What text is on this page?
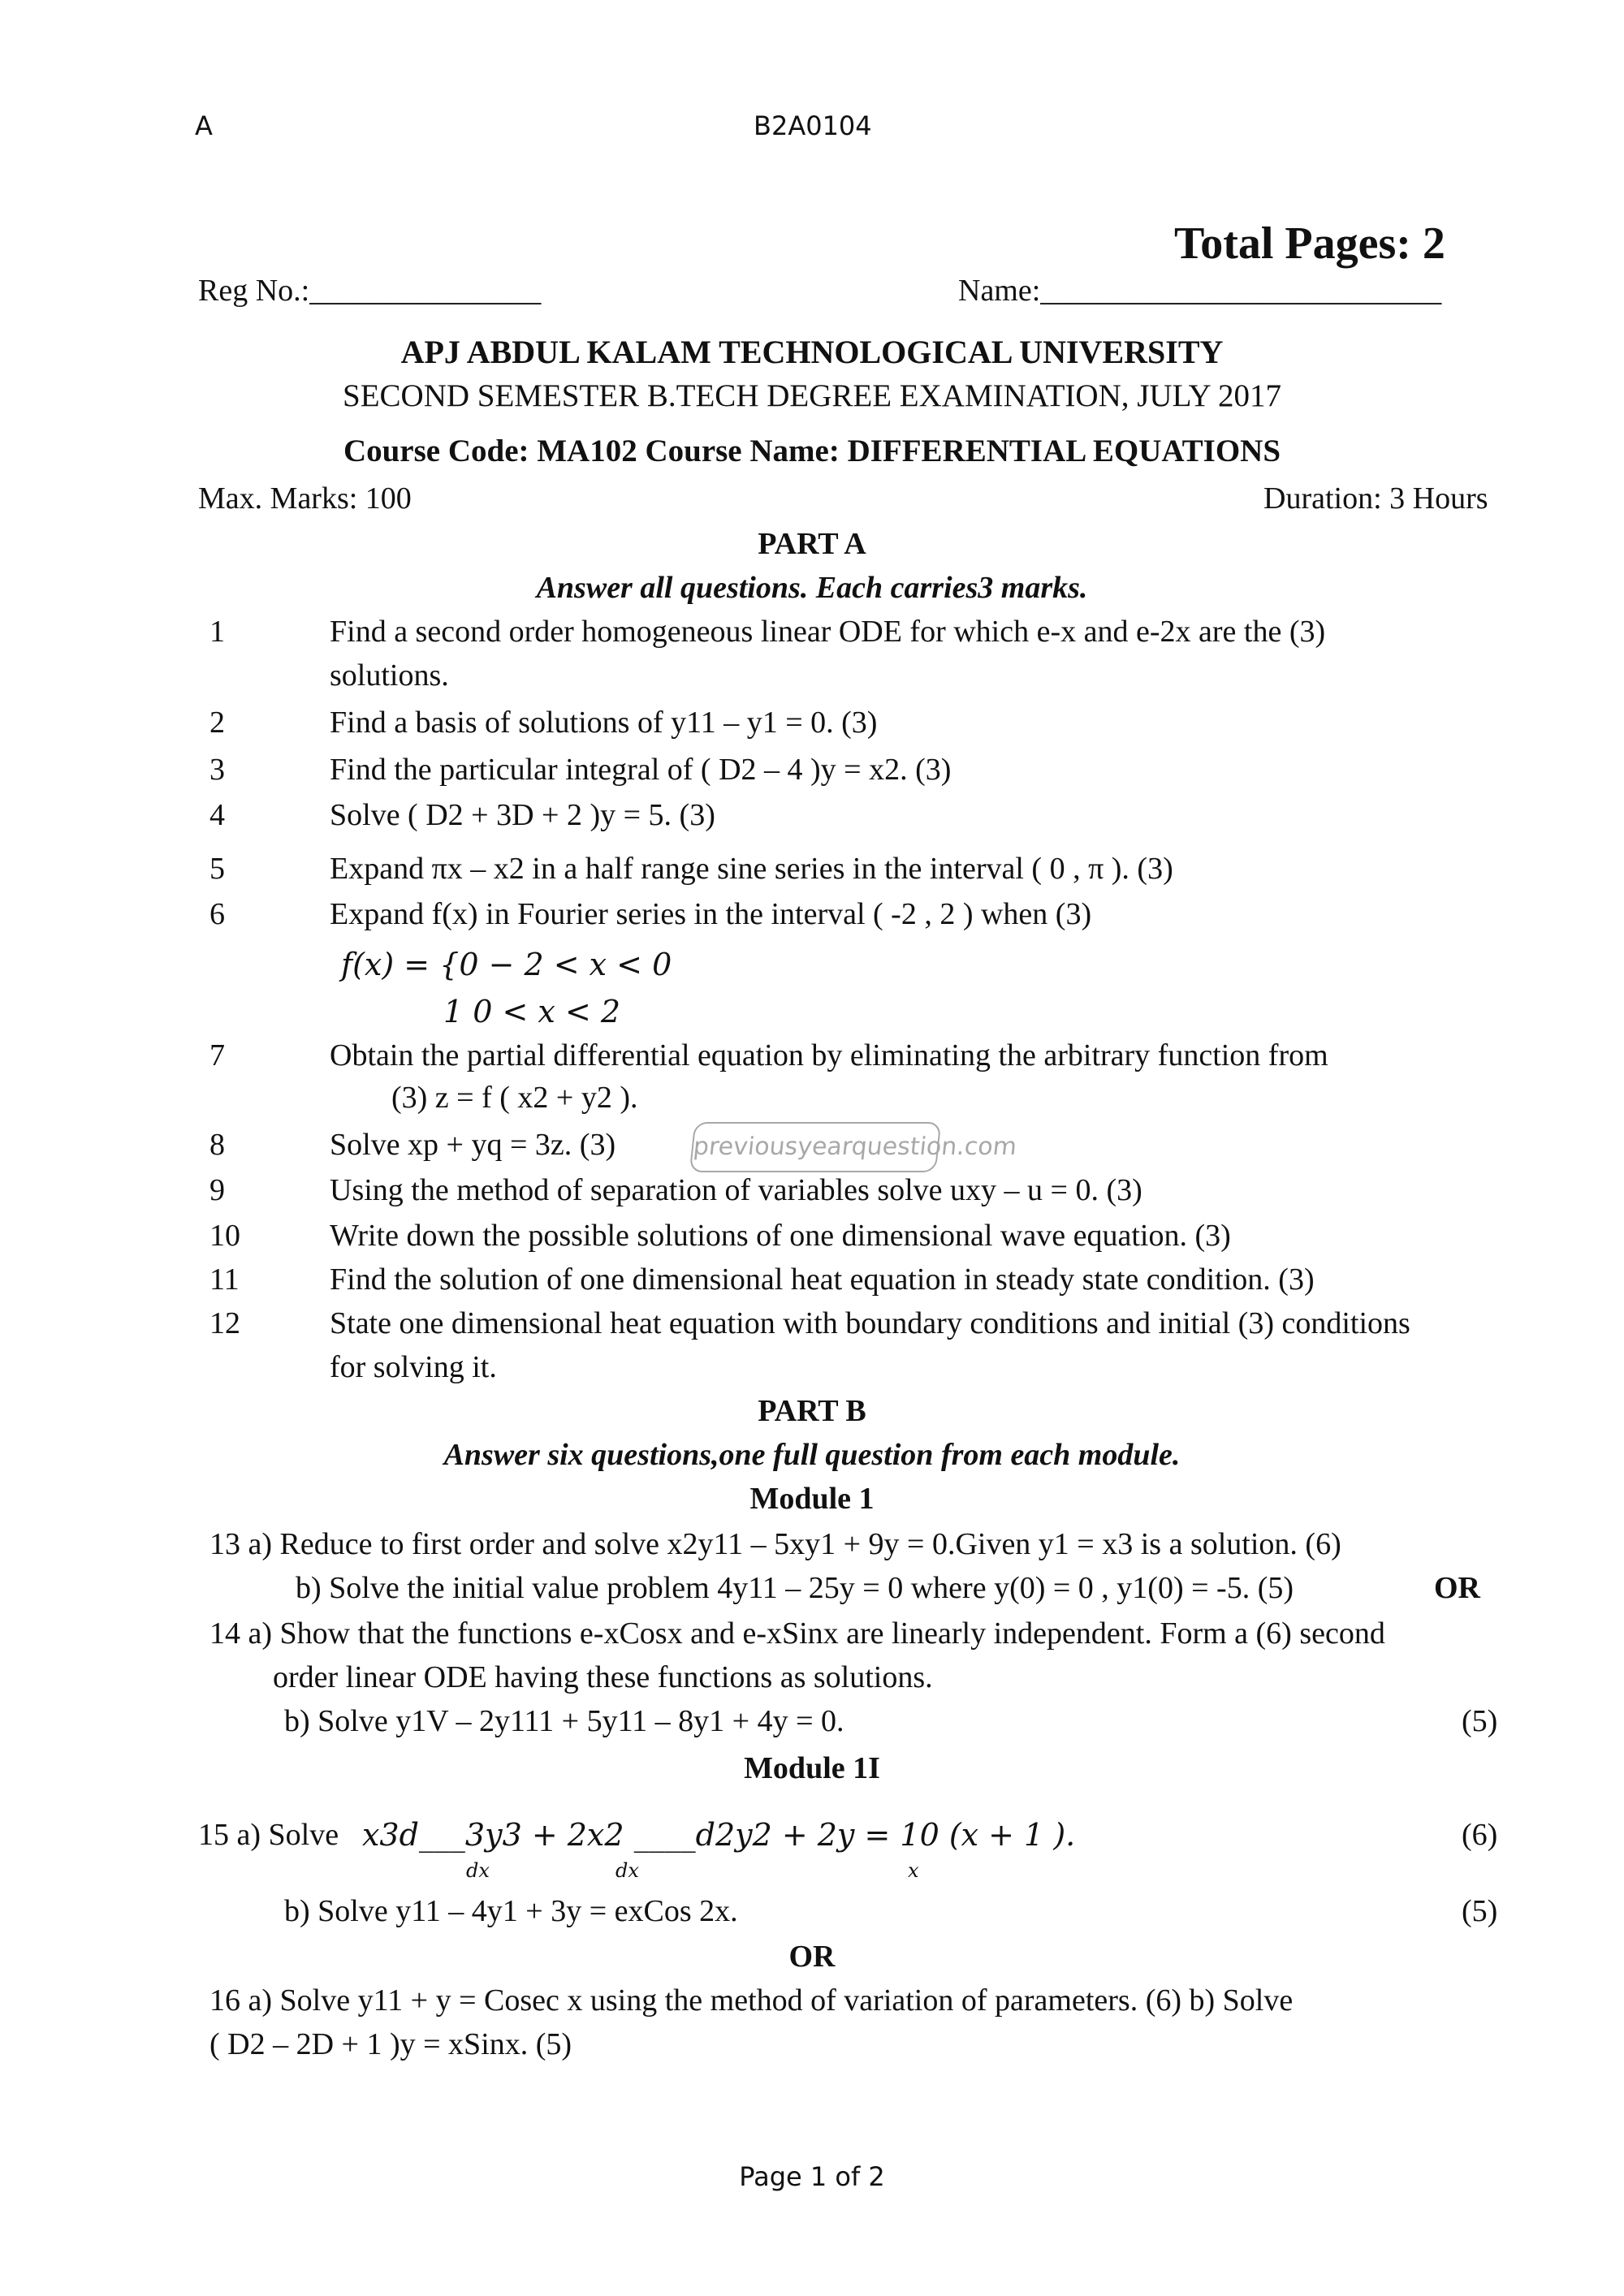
A	B2A0104
Total Pages: 2
Reg No.:_______________	Name:__________________________
APJ ABDUL KALAM TECHNOLOGICAL UNIVERSITY
SECOND SEMESTER B.TECH DEGREE EXAMINATION, JULY 2017
Course Code: MA102 Course Name: DIFFERENTIAL EQUATIONS
Max. Marks: 100	Duration: 3 Hours
PART A
Answer all questions. Each carries3 marks.
1	Find a second order homogeneous linear ODE for which e-x and e-2x are the (3)
solutions.
2	Find a basis of solutions of y11 – y1 = 0. (3)
3	Find the particular integral of ( D2 – 4 )y = x2. (3)
4	Solve ( D2 + 3D + 2 )y = 5. (3)
5	Expand πx – x2 in a half range sine series in the interval ( 0 , π ). (3)
6	Expand f(x) in Fourier series in the interval ( -2 , 2 ) when (3)
f(x) = {0 − 2 < x < 0
1 0 < x < 2
7	Obtain the partial differential equation by eliminating the arbitrary function from
(3) z = f ( x2 + y2 ).
8	Solve xp + yq = 3z. (3)	previousyearquestion.com
9	Using the method of separation of variables solve uxy – u = 0. (3)
10	Write down the possible solutions of one dimensional wave equation. (3)
11	Find the solution of one dimensional heat equation in steady state condition. (3)
12	State one dimensional heat equation with boundary conditions and initial (3) conditions
for solving it.
PART B
Answer six questions,one full question from each module.
Module 1
13 a) Reduce to first order and solve x2y11 – 5xy1 + 9y = 0.Given y1 = x3 is a solution. (6)
b) Solve the initial value problem 4y11 – 25y = 0 where y(0) = 0 , y1(0) = -5. (5)	OR
14 a) Show that the functions e-xCosx and e-xSinx are linearly independent. Form a (6) second
order linear ODE having these functions as solutions.
b) Solve y1V – 2y111 + 5y11 – 8y1 + 4y = 0.	(5)
Module 1I
15 a) Solve x3d___3y3 + 2x2 ____d2y2 + 2y = 10 (x + 1 ).
dx	dx	x
(6)
b) Solve y11 – 4y1 + 3y = exCos 2x.	(5)
OR
16 a) Solve y11 + y = Cosec x using the method of variation of parameters. (6) b) Solve
( D2 – 2D + 1 )y = xSinx. (5)
Page 1 of 2
